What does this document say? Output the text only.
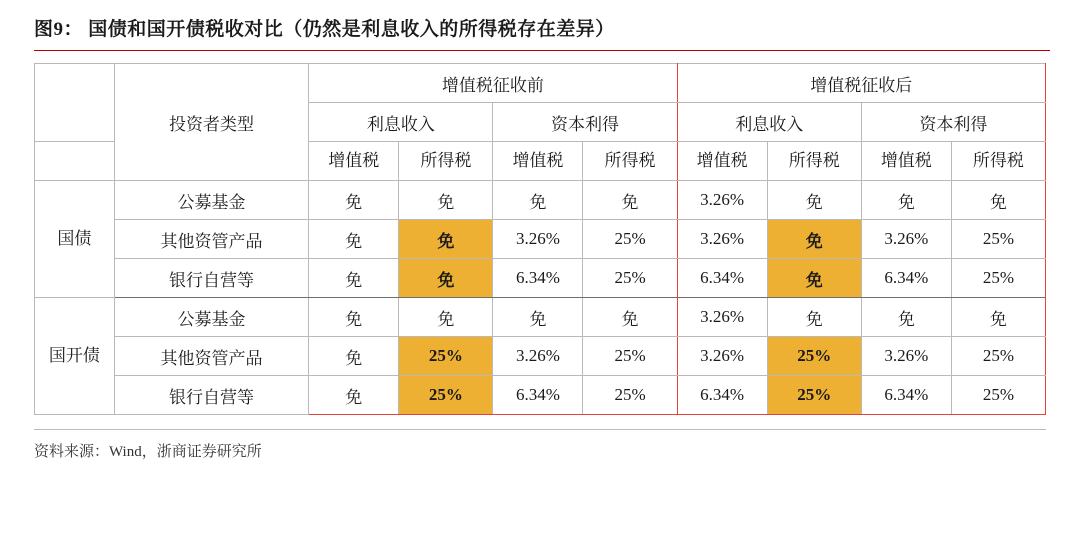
图9： 国债和国开债税收对比（仍然是利息收入的所得税存在差异）
	投资者类型	增值税征收前				增值税征收后			
		利息收入		资本利得		利息收入		资本利得	
		增值税	所得税	增值税	所得税	增值税	所得税	增值税	所得税
国债	公募基金	免	免	免	免	3.26%	免	免	免
	其他资管产品	免	免	3.26%	25%	3.26%	免	3.26%	25%
	银行自营等	免	免	6.34%	25%	6.34%	免	6.34%	25%
国开债	公募基金	免	免	免	免	3.26%	免	免	免
	其他资管产品	免	25%	3.26%	25%	3.26%	25%	3.26%	25%
	银行自营等	免	25%	6.34%	25%	6.34%	25%	6.34%	25%
资料来源：Wind，浙商证券研究所
